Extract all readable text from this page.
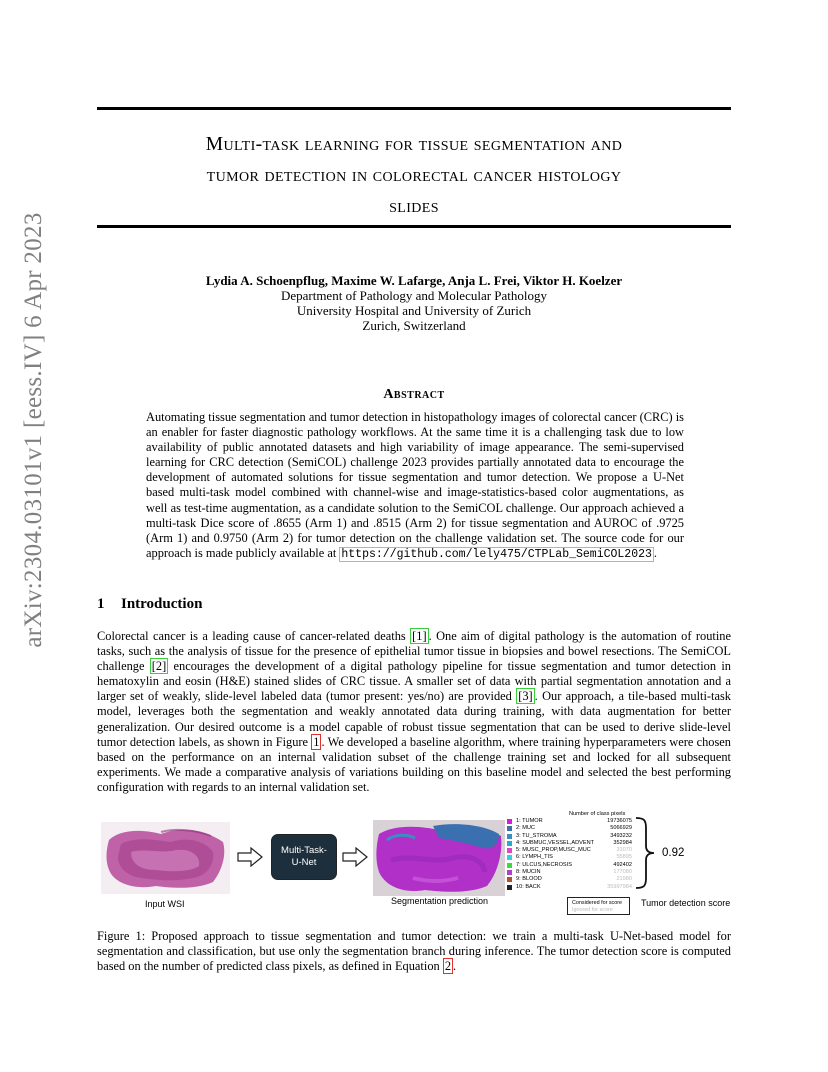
arXiv:2304.03101v1 [eess.IV] 6 Apr 2023
Multi-task learning for tissue segmentation and
tumor detection in colorectal cancer histology
slides
Lydia A. Schoenpflug, Maxime W. Lafarge, Anja L. Frei, Viktor H. Koelzer
Department of Pathology and Molecular Pathology
University Hospital and University of Zurich
Zurich, Switzerland
Abstract
Automating tissue segmentation and tumor detection in histopathology images of colorectal cancer (CRC) is an enabler for faster diagnostic pathology workflows. At the same time it is a challenging task due to low availability of public annotated datasets and high variability of image appearance. The semi-supervised learning for CRC detection (SemiCOL) challenge 2023 provides partially annotated data to encourage the development of automated solutions for tissue segmentation and tumor detection. We propose a U-Net based multi-task model combined with channel-wise and image-statistics-based color augmentations, as well as test-time augmentation, as a candidate solution to the SemiCOL challenge. Our approach achieved a multi-task Dice score of .8655 (Arm 1) and .8515 (Arm 2) for tissue segmentation and AUROC of .9725 (Arm 1) and 0.9750 (Arm 2) for tumor detection on the challenge validation set. The source code for our approach is made publicly available at https://github.com/lely475/CTPLab_SemiCOL2023 .
1 Introduction
Colorectal cancer is a leading cause of cancer-related deaths [1] . One aim of digital pathology is the automation of routine tasks, such as the analysis of tissue for the presence of epithelial tumor tissue in biopsies and bowel resections. The SemiCOL challenge [2] encourages the development of a digital pathology pipeline for tissue segmentation and tumor detection in hematoxylin and eosin (H&E) stained slides of CRC tissue. A smaller set of data with partial segmentation annotation and a larger set of weakly, slide-level labeled data (tumor present: yes/no) are provided [3] . Our approach, a tile-based multi-task model, leverages both the segmentation and weakly annotated data during training, with data augmentation for better generalization. Our desired outcome is a model capable of robust tissue segmentation that can be used to derive slide-level tumor detection labels, as shown in Figure 1 . We developed a baseline algorithm, where training hyperparameters were chosen based on the performance on an internal validation subset of the challenge training set and locked for all subsequent experiments. We made a comparative analysis of variations building on this baseline model and selected the best performing configuration with regards to an internal validation set.
Multi-Task-
U-Net
Number of class pixels
1: TUMOR	19736075
2: MUC	5066929
3: TU_STROMA	3493232
4: SUBMUC,VESSEL,ADVENT	352984
5: MUSC_PROP,MUSC_MUC	31070
6: LYMPH_TIS	55895
7: ULCUS,NECROSIS	492402
8: MUCIN	177080
9: BLOOD	21980
10: BACK	35997984
0.92
Considered for score
Ignored for score
Input WSI	Segmentation prediction	Tumor detection score
Figure 1: Proposed approach to tissue segmentation and tumor detection: we train a multi-task U-Net-based model for segmentation and classification, but use only the segmentation branch during inference. The tumor detection score is computed based on the number of predicted class pixels, as defined in Equation 2 .
